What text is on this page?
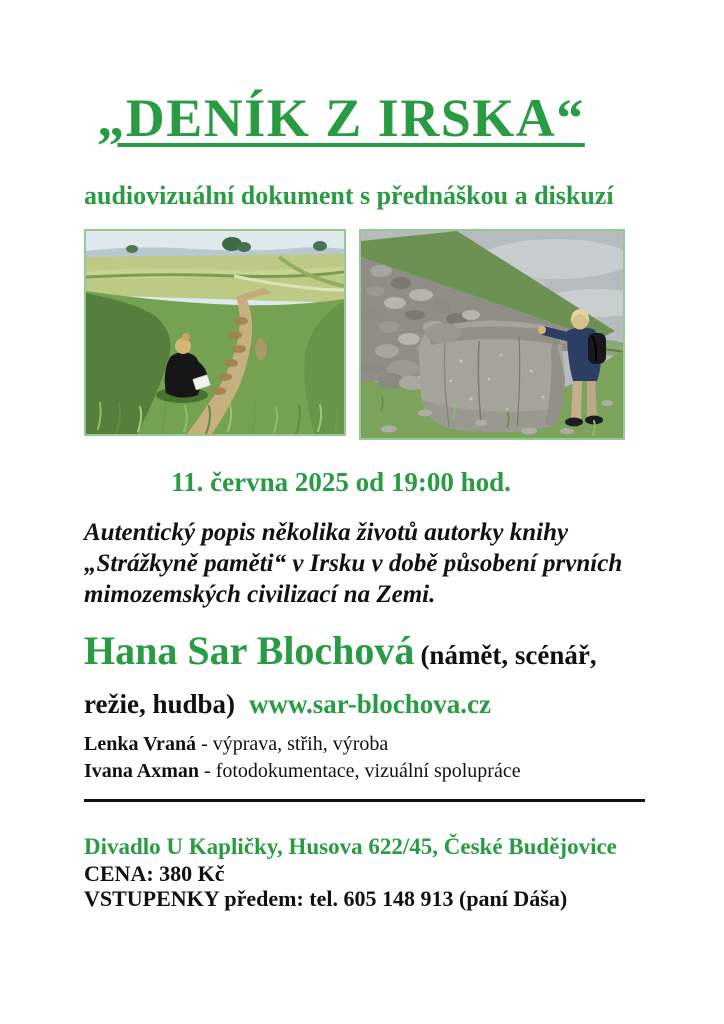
„DENÍK Z IRSKA“
audiovizuální dokument s přednáškou a diskuzí
11. června 2025 od 19:00 hod.
Autentický popis několika životů autorky knihy
„Strážkyně paměti“ v Irsku v době působení prvních
mimozemských civilizací na Zemi.
Hana Sar Blochová (námět, scénář,
režie, hudba) www.sar-blochova.cz
Lenka Vraná - výprava, střih, výroba
Ivana Axman - fotodokumentace, vizuální spolupráce
Divadlo U Kapličky, Husova 622/45, České Budějovice
CENA: 380 Kč
VSTUPENKY předem: tel. 605 148 913 (paní Dáša)
